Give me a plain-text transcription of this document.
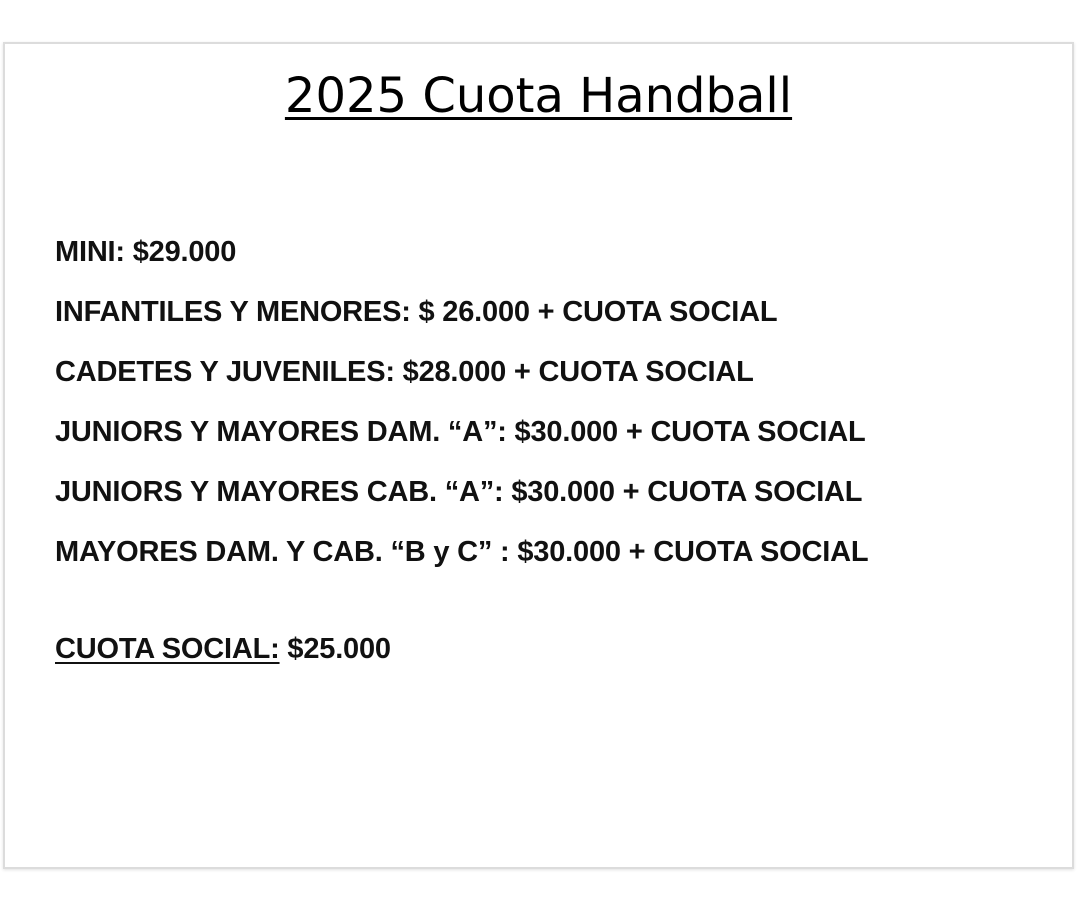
2025 Cuota Handball
MINI: $29.000
INFANTILES Y MENORES: $ 26.000 + CUOTA SOCIAL
CADETES Y JUVENILES: $28.000 + CUOTA SOCIAL
JUNIORS Y MAYORES DAM. “A”: $30.000 + CUOTA SOCIAL
JUNIORS Y MAYORES CAB. “A”: $30.000 + CUOTA SOCIAL
MAYORES DAM. Y CAB. “B y C” : $30.000 + CUOTA SOCIAL
CUOTA SOCIAL: $25.000
